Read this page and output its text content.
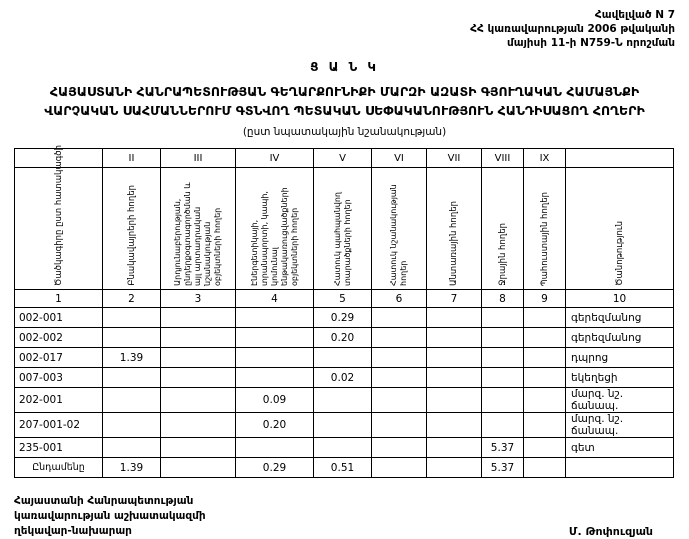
Հավելված N 7
ՀՀ կառավարության 2006 թվականի
մայիսի 11-ի N759-Ն որոշման
Ց Ա Ն Կ
ՀԱՅԱՍՏԱՆԻ ՀԱՆՐԱՊԵՏՈՒԹՅԱՆ ԳԵՂԱՐՔՈՒՆԻՔԻ ՄԱՐԶԻ ԱԶԱՏԻ ԳՅՈՒՂԱԿԱՆ ՀԱՄԱՅՆՔԻ
ՎԱՐՉԱԿԱՆ ՍԱՀՄԱՆՆԵՐՈՒՄ ԳՏՆՎՈՂ ՊԵՏԱԿԱՆ ՍԵՓԱԿԱՆՈՒԹՅՈՒՆ ՀԱՆԴԻՍԱՑՈՂ ՀՈՂԵՐԻ
(ըստ նպատակային նշանակության)
	II	III	IV	V	VI	VII	VIII	IX	

Ծածկագիրը ըստ հատակագծի	Բնակավայրերի հողեր	Արդյունաբերության, ընդերքօգտագործման և այլ արտադրական նշանակության օբյեկտների հողեր	Էներգետիկայի, տրանսպորտի, կապի, կոմունալ ենթակառուցվածքների օբյեկտների հողեր	Հատուկ պահպանվող տարածքների հողեր	Հատուկ նշանակության հողեր	Անտառային հողեր	Ջրային հողեր	Պահուստային հողեր	Ծանոթություն

1	2	3	4	5	6	7	8	9	10
002-001				0.29					գերեզմանոց
002-002				0.20					գերեզմանոց
002-017	1.39								դպրոց
007-003				0.02					եկեղեցի
202-001			0.09						մարզ. նշ. ճանապ.
207-001-02			0.20						մարզ. նշ. ճանապ.
235-001							5.37		գետ
Ընդամենը	1.39		0.29	0.51			5.37		
Հայաստանի Հանրապետության
կառավարության աշխատակազմի
ղեկավար-նախարար	Մ. Թոփուզյան
